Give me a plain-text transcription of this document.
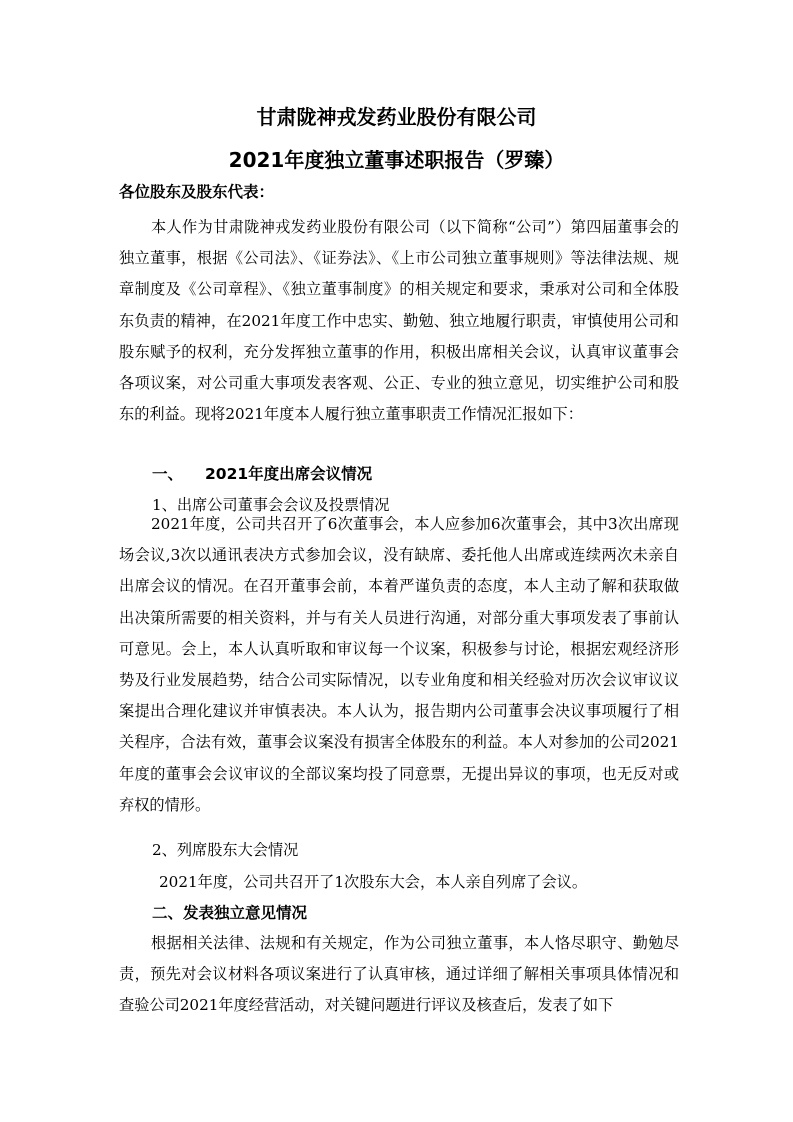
甘肃陇神戎发药业股份有限公司
2021年度独立董事述职报告（罗臻）

各位股东及股东代表：

本人作为甘肃陇神戎发药业股份有限公司（以下简称“公司”）第四届董事会的独立董事，根据《公司法》、《证券法》、《上市公司独立董事规则》等法律法规、规章制度及《公司章程》、《独立董事制度》的相关规定和要求，秉承对公司和全体股东负责的精神，在2021年度工作中忠实、勤勉、独立地履行职责，审慎使用公司和股东赋予的权利，充分发挥独立董事的作用，积极出席相关会议，认真审议董事会各项议案，对公司重大事项发表客观、公正、专业的独立意见，切实维护公司和股东的利益。现将2021年度本人履行独立董事职责工作情况汇报如下：

一、 2021年度出席会议情况

1、出席公司董事会会议及投票情况

2021年度，公司共召开了6次董事会，本人应参加6次董事会，其中3次出席现场会议,3次以通讯表决方式参加会议，没有缺席、委托他人出席或连续两次未亲自出席会议的情况。在召开董事会前，本着严谨负责的态度，本人主动了解和获取做出决策所需要的相关资料，并与有关人员进行沟通，对部分重大事项发表了事前认可意见。会上，本人认真听取和审议每一个议案，积极参与讨论，根据宏观经济形势及行业发展趋势，结合公司实际情况，以专业角度和相关经验对历次会议审议议案提出合理化建议并审慎表决。本人认为，报告期内公司董事会决议事项履行了相关程序，合法有效，董事会议案没有损害全体股东的利益。本人对参加的公司2021年度的董事会会议审议的全部议案均投了同意票，无提出异议的事项，也无反对或弃权的情形。

2、列席股东大会情况

2021年度，公司共召开了1次股东大会，本人亲自列席了会议。

二、发表独立意见情况

根据相关法律、法规和有关规定，作为公司独立董事，本人恪尽职守、勤勉尽责，预先对会议材料各项议案进行了认真审核，通过详细了解相关事项具体情况和查验公司2021年度经营活动，对关键问题进行评议及核查后，发表了如下
